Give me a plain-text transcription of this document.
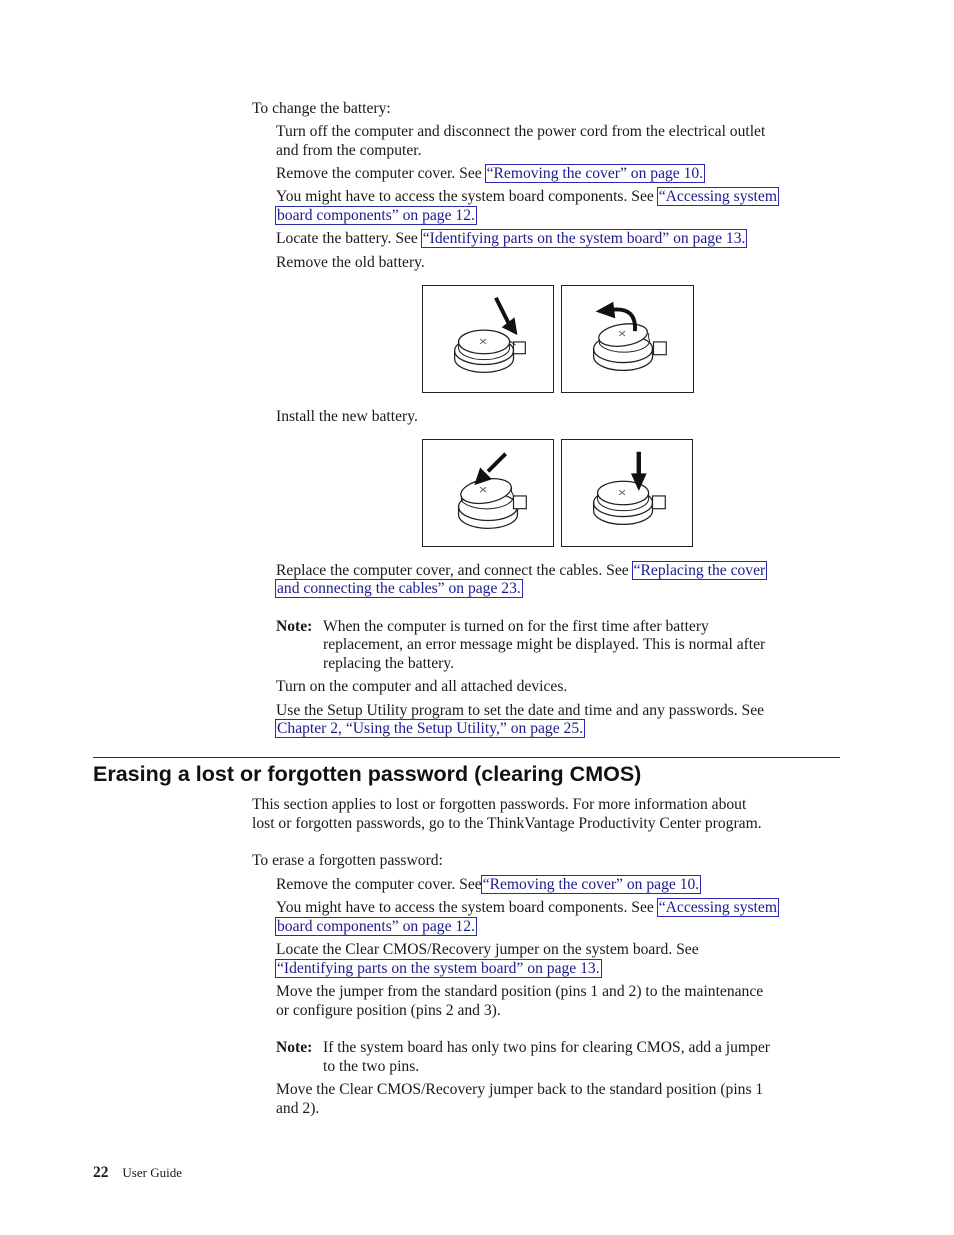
To change the battery:

Turn off the computer and disconnect the power cord from the electrical outlet

and from the computer.

Remove the computer cover. See “Removing the cover” on page 10.

You might have to access the system board components. See “Accessing system

board components” on page 12.

Locate the battery. See “Identifying parts on the system board” on page 13.

Remove the old battery.

Install the new battery.

Replace the computer cover, and connect the cables. See “Replacing the cover

and connecting the cables” on page 23.

Note: When the computer is turned on for the first time after battery

replacement, an error message might be displayed. This is normal after

replacing the battery.

Turn on the computer and all attached devices.

Use the Setup Utility program to set the date and time and any passwords. See

Chapter 2, “Using the Setup Utility,” on page 25.

Erasing a lost or forgotten password (clearing CMOS)

This section applies to lost or forgotten passwords. For more information about

lost or forgotten passwords, go to the ThinkVantage Productivity Center program.

To erase a forgotten password:

Remove the computer cover. See“Removing the cover” on page 10.

You might have to access the system board components. See “Accessing system

board components” on page 12.

Locate the Clear CMOS/Recovery jumper on the system board. See

“Identifying parts on the system board” on page 13.

Move the jumper from the standard position (pins 1 and 2) to the maintenance

or configure position (pins 2 and 3).

Note: If the system board has only two pins for clearing CMOS, add a jumper

to the two pins.

Move the Clear CMOS/Recovery jumper back to the standard position (pins 1

and 2).

22 User Guide
